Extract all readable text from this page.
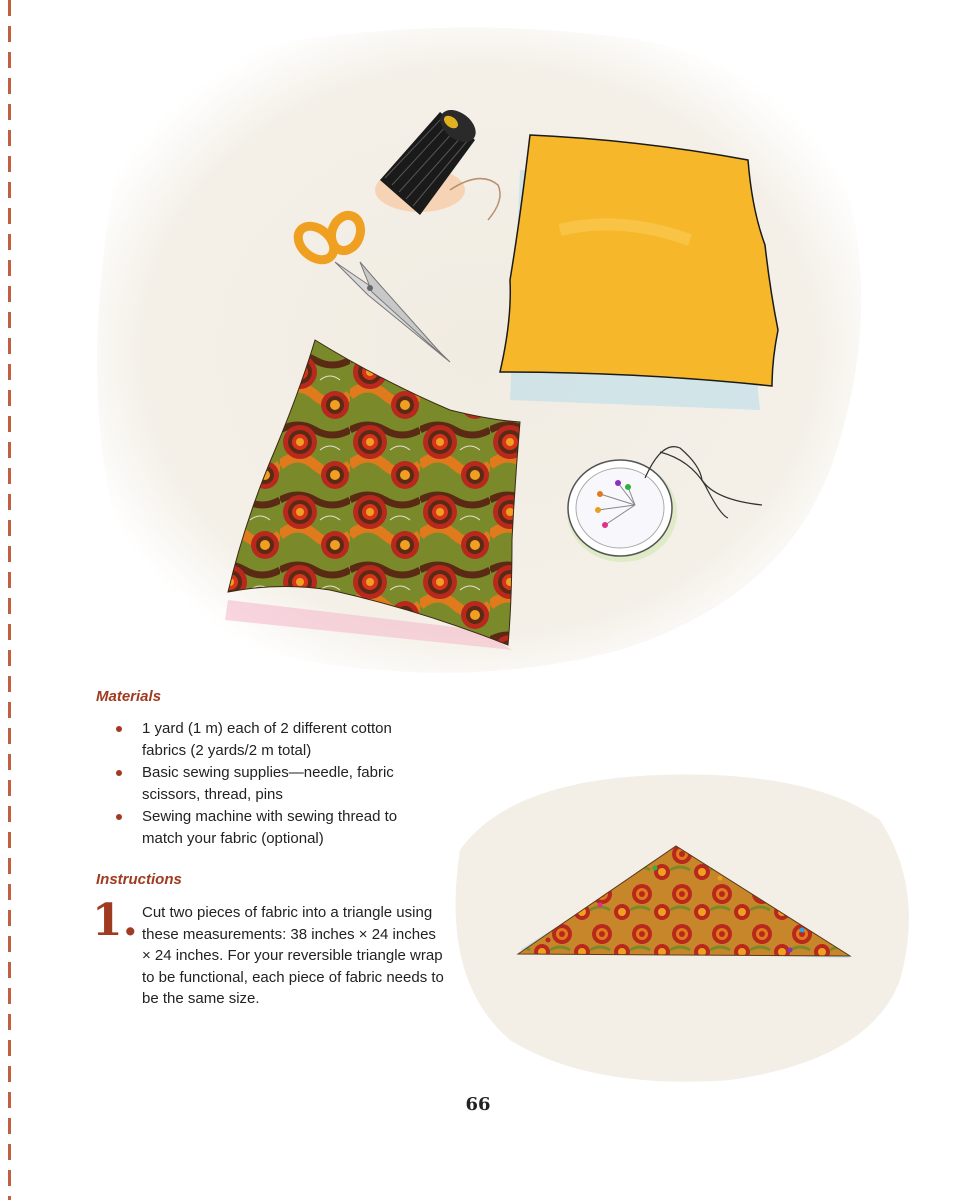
Materials
1 yard (1 m) each of 2 different cotton fabrics (2 yards/2 m total)
Basic sewing supplies—needle, fabric scissors, thread, pins
Sewing machine with sewing thread to match your fabric (optional)
Instructions
1. Cut two pieces of fabric into a triangle using these measurements: 38 inches × 24 inches × 24 inches. For your reversible triangle wrap to be functional, each piece of fabric needs to be the same size.
66
